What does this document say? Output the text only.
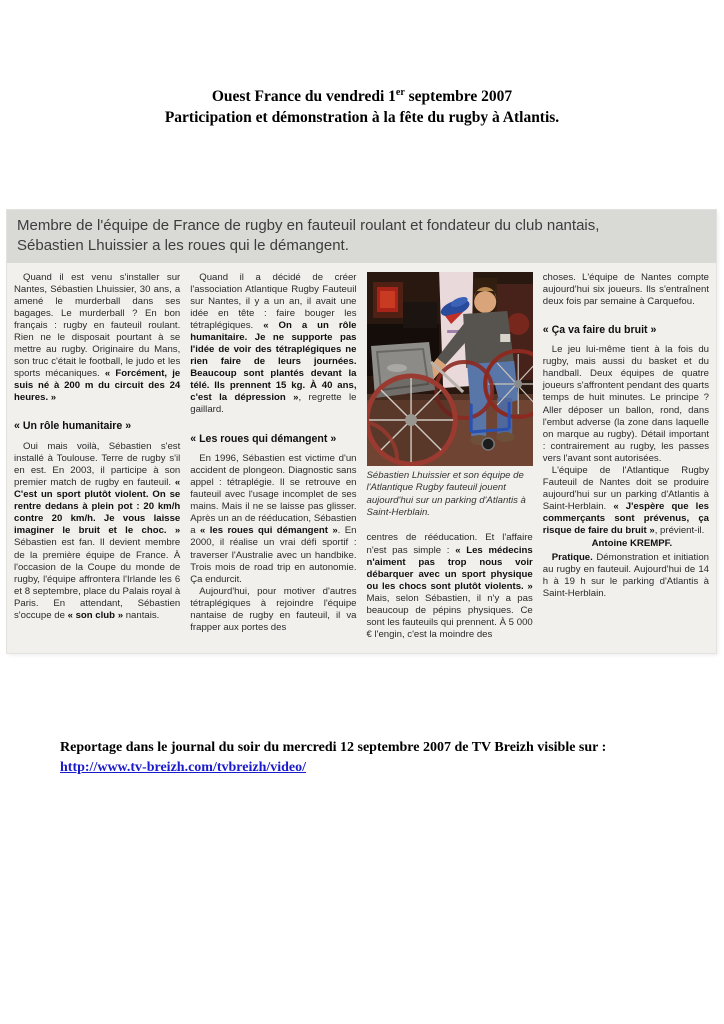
Ouest France du vendredi 1er septembre 2007
Participation et démonstration à la fête du rugby à Atlantis.
Membre de l'équipe de France de rugby en fauteuil roulant et fondateur du club nantais,
Sébastien Lhuissier a les roues qui le démangent.

Quand il est venu s'installer sur Nantes, Sébastien Lhuissier, 30 ans, a amené le murderball dans ses bagages. Le murderball ? En bon français : rugby en fauteuil roulant. Rien ne le disposait pourtant à se mettre au rugby. Originaire du Mans, son truc c'était le football, le judo et les sports mécaniques. « Forcément, je suis né à 200 m du circuit des 24 heures. »

« Un rôle humanitaire »

Oui mais voilà, Sébastien s'est installé à Toulouse. Terre de rugby s'il en est. En 2003, il participe à son premier match de rugby en fauteuil. « C'est un sport plutôt violent. On se rentre dedans à plein pot : 20 km/h contre 20 km/h. Je vous laisse imaginer le bruit et le choc. » Sébastien est fan. Il devient membre de la première équipe de France. À l'occasion de la Coupe du monde de rugby, l'équipe affrontera l'Irlande les 6 et 8 septembre, place du Palais royal à Paris. En attendant, Sébastien s'occupe de « son club » nantais.

Quand il a décidé de créer l'association Atlantique Rugby Fauteuil sur Nantes, il y a un an, il avait une idée en tête : faire bouger les tétraplégiques. « On a un rôle humanitaire. Je ne supporte pas l'idée de voir des tétraplégiques ne rien faire de leurs journées. Beaucoup sont plantés devant la télé. Ils prennent 15 kg. À 40 ans, c'est la dépression », regrette le gaillard.

« Les roues qui démangent »

En 1996, Sébastien est victime d'un accident de plongeon. Diagnostic sans appel : tétraplégie. Il se retrouve en fauteuil avec l'usage incomplet de ses mains. Mais il ne se laisse pas glisser. Après un an de rééducation, Sébastien a « les roues qui démangent ». En 2000, il réalise un vrai défi sportif : traverser l'Australie avec un handbike. Trois mois de road trip en autonomie. Ça endurcit.

Aujourd'hui, pour motiver d'autres tétraplégiques à rejoindre l'équipe nantaise de rugby en fauteuil, il va frapper aux portes des

Sébastien Lhuissier et son équipe de l'Atlantique Rugby fauteuil jouent aujourd'hui sur un parking d'Atlantis à Saint-Herblain.

centres de rééducation. Et l'affaire n'est pas simple : « Les médecins n'aiment pas trop nous voir débarquer avec un sport physique ou les chocs sont plutôt violents. » Mais, selon Sébastien, il n'y a pas beaucoup de pépins physiques. Ce sont les fauteuils qui prennent. À 5 000 € l'engin, c'est la moindre des

choses. L'équipe de Nantes compte aujourd'hui six joueurs. Ils s'entraînent deux fois par semaine à Carquefou.

« Ça va faire du bruit »

Le jeu lui-même tient à la fois du rugby, mais aussi du basket et du handball. Deux équipes de quatre joueurs s'affrontent pendant des quarts temps de huit minutes. Le principe ? Aller déposer un ballon, rond, dans l'embut adverse (la zone dans laquelle on marque au rugby). Détail important : contrairement au rugby, les passes vers l'avant sont autorisées.

L'équipe de l'Atlantique Rugby Fauteuil de Nantes doit se produire aujourd'hui sur un parking d'Atlantis à Saint-Herblain. « J'espère que les commerçants sont prévenus, ça risque de faire du bruit », prévient-il.

Antoine KREMPF.

Pratique. Démonstration et initiation au rugby en fauteuil. Aujourd'hui de 14 h à 19 h sur le parking d'Atlantis à Saint-Herblain.

Reportage dans le journal du soir du mercredi 12 septembre 2007 de TV Breizh visible sur :
http://www.tv-breizh.com/tvbreizh/video/
